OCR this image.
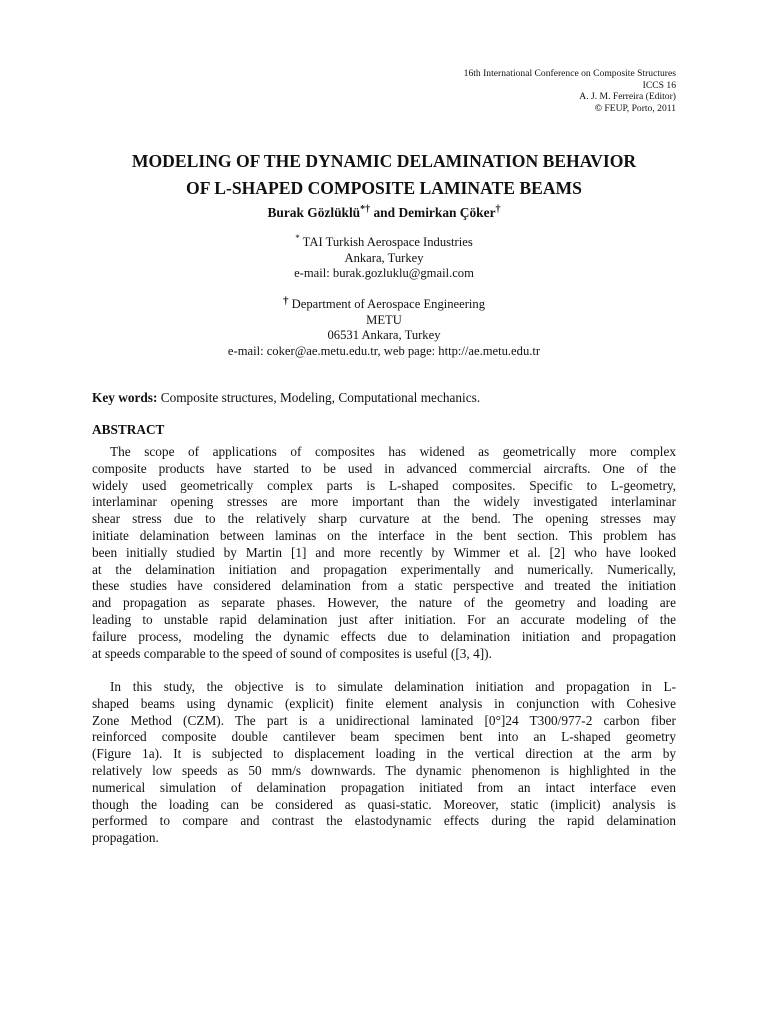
16th International Conference on Composite Structures
ICCS 16
A. J. M. Ferreira (Editor)
© FEUP, Porto, 2011
MODELING OF THE DYNAMIC DELAMINATION BEHAVIOR
OF L-SHAPED COMPOSITE LAMINATE BEAMS
Burak Gözlüklü*† and Demirkan Çöker†
* TAI Turkish Aerospace Industries
Ankara, Turkey
e-mail: burak.gozluklu@gmail.com
† Department of Aerospace Engineering
METU
06531 Ankara, Turkey
e-mail: coker@ae.metu.edu.tr, web page: http://ae.metu.edu.tr
Key words: Composite structures, Modeling, Computational mechanics.
ABSTRACT
The scope of applications of composites has widened as geometrically more complex
composite products have started to be used in advanced commercial aircrafts. One of the
widely used geometrically complex parts is L-shaped composites. Specific to L-geometry,
interlaminar opening stresses are more important than the widely investigated interlaminar
shear stress due to the relatively sharp curvature at the bend. The opening stresses may
initiate delamination between laminas on the interface in the bent section. This problem has
been initially studied by Martin [1] and more recently by Wimmer et al. [2] who have looked
at the delamination initiation and propagation experimentally and numerically. Numerically,
these studies have considered delamination from a static perspective and treated the initiation
and propagation as separate phases. However, the nature of the geometry and loading are
leading to unstable rapid delamination just after initiation. For an accurate modeling of the
failure process, modeling the dynamic effects due to delamination initiation and propagation
at speeds comparable to the speed of sound of composites is useful ([3, 4]).
In this study, the objective is to simulate delamination initiation and propagation in L-
shaped beams using dynamic (explicit) finite element analysis in conjunction with Cohesive
Zone Method (CZM). The part is a unidirectional laminated [0°]24 T300/977-2 carbon fiber
reinforced composite double cantilever beam specimen bent into an L-shaped geometry
(Figure 1a). It is subjected to displacement loading in the vertical direction at the arm by
relatively low speeds as 50 mm/s downwards. The dynamic phenomenon is highlighted in the
numerical simulation of delamination propagation initiated from an intact interface even
though the loading can be considered as quasi-static. Moreover, static (implicit) analysis is
performed to compare and contrast the elastodynamic effects during the rapid delamination
propagation.
